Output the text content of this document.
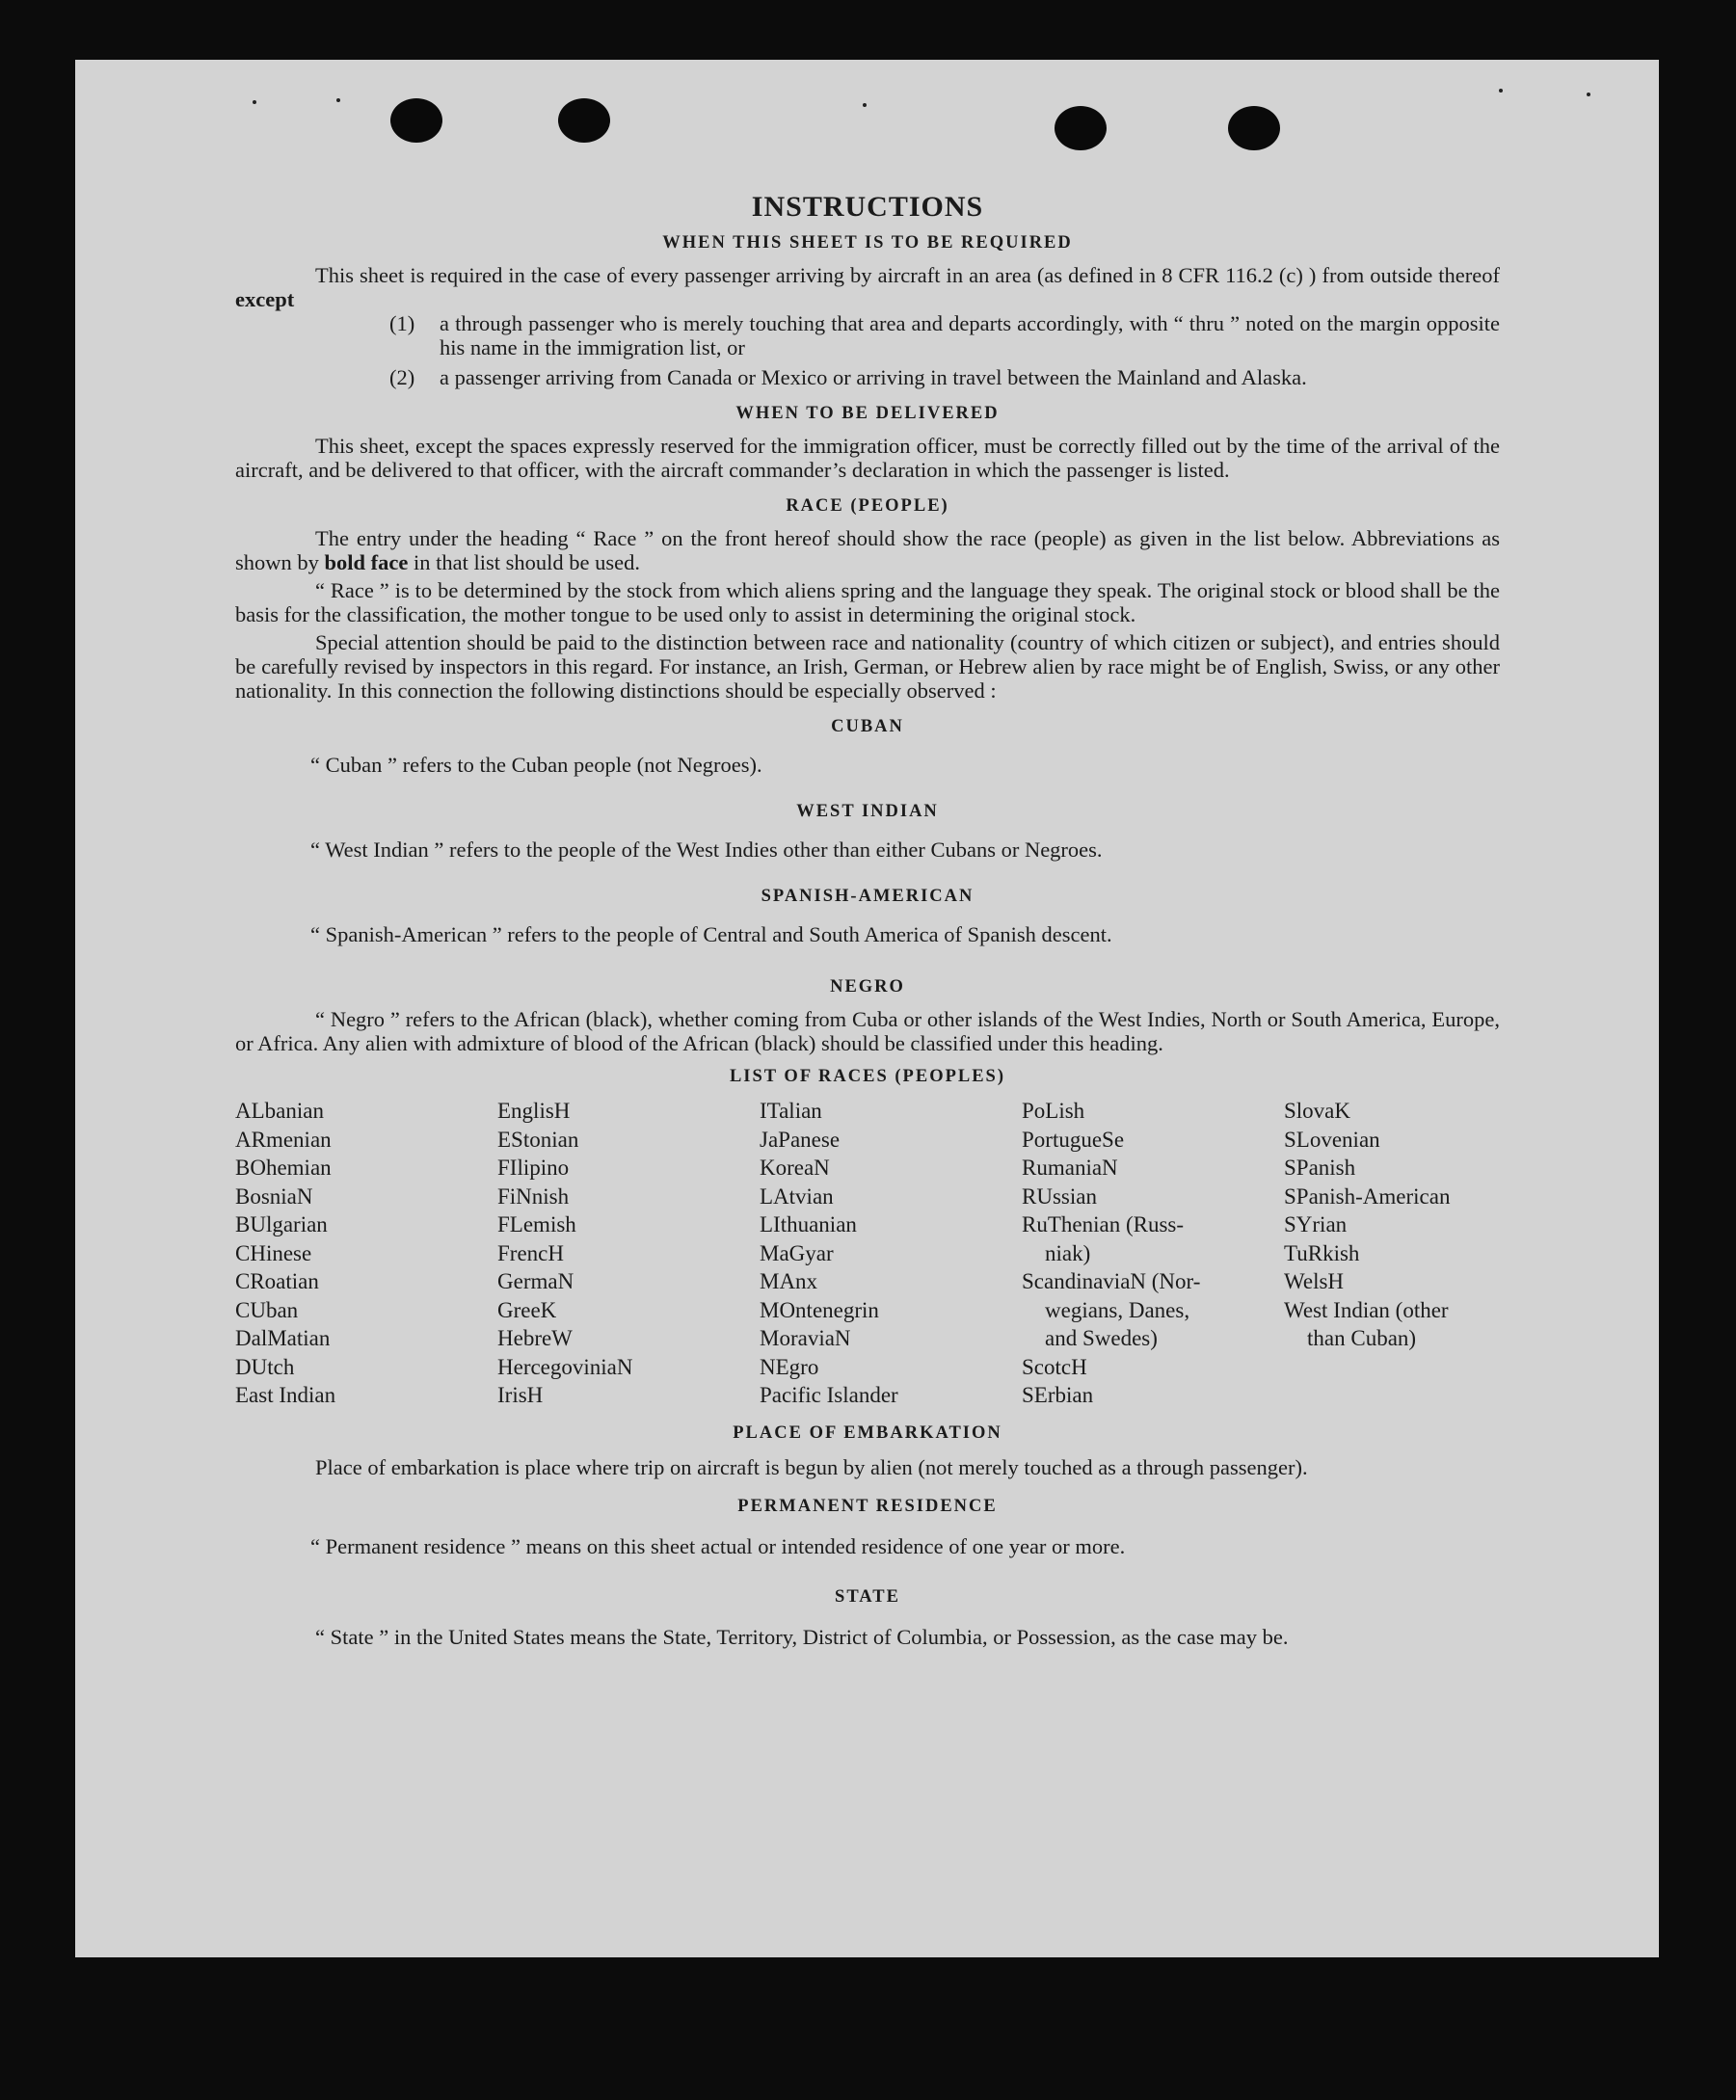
INSTRUCTIONS
WHEN THIS SHEET IS TO BE REQUIRED

This sheet is required in the case of every passenger arriving by aircraft in an area (as defined in 8 CFR 116.2 (c) ) from outside thereof except

(1)	a through passenger who is merely touching that area and departs accordingly, with “ thru ” noted on the margin opposite his name in the immigration list, or
(2)	a passenger arriving from Canada or Mexico or arriving in travel between the Mainland and Alaska.
WHEN TO BE DELIVERED

This sheet, except the spaces expressly reserved for the immigration officer, must be correctly filled out by the time of the arrival of the aircraft, and be delivered to that officer, with the aircraft commander’s declaration in which the passenger is listed.

RACE (PEOPLE)

The entry under the heading “ Race ” on the front hereof should show the race (people) as given in the list below. Abbreviations as shown by bold face in that list should be used.

“ Race ” is to be determined by the stock from which aliens spring and the language they speak. The original stock or blood shall be the basis for the classification, the mother tongue to be used only to assist in determining the original stock.

Special attention should be paid to the distinction between race and nationality (country of which citizen or subject), and entries should be carefully revised by inspectors in this regard. For instance, an Irish, German, or Hebrew alien by race might be of English, Swiss, or any other nationality. In this connection the following distinctions should be especially observed :

CUBAN

“ Cuban ” refers to the Cuban people (not Negroes).

WEST INDIAN

“ West Indian ” refers to the people of the West Indies other than either Cubans or Negroes.

SPANISH-AMERICAN

“ Spanish-American ” refers to the people of Central and South America of Spanish descent.

NEGRO

“ Negro ” refers to the African (black), whether coming from Cuba or other islands of the West Indies, North or South America, Europe, or Africa. Any alien with admixture of blood of the African (black) should be classified under this heading.

LIST OF RACES (PEOPLES)
ALbanian
ARmenian
BOhemian
BosniaN
BUlgarian
CHinese
CRoatian
CUban
DalMatian
DUtch
East Indian
EnglisH
EStonian
FIlipino
FiNnish
FLemish
FrencH
GermaN
GreeK
HebreW
HercegoviniaN
IrisH
ITalian
JaPanese
KoreaN
LAtvian
LIthuanian
MaGyar
MAnx
MOntenegrin
MoraviaN
NEgro
Pacific Islander
PoLish
PortugueSe
RumaniaN
RUssian
RuThenian (Russ-
niak)
ScandinaviaN (Nor-
wegians, Danes,
and Swedes)
ScotcH
SErbian
SlovaK
SLovenian
SPanish
SPanish-American
SYrian
TuRkish
WelsH
West Indian (other
than Cuban)
PLACE OF EMBARKATION

Place of embarkation is place where trip on aircraft is begun by alien (not merely touched as a through passenger).

PERMANENT RESIDENCE

“ Permanent residence ” means on this sheet actual or intended residence of one year or more.

STATE

“ State ” in the United States means the State, Territory, District of Columbia, or Possession, as the case may be.
